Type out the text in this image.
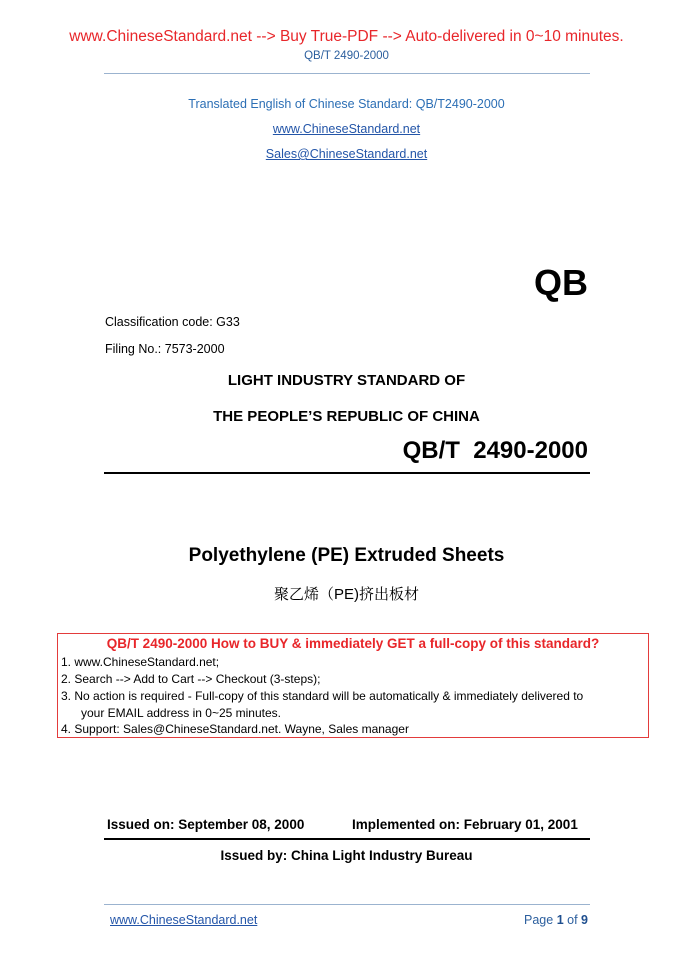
www.ChineseStandard.net --> Buy True-PDF --> Auto-delivered in 0~10 minutes.
QB/T 2490-2000
Translated English of Chinese Standard: QB/T2490-2000
www.ChineseStandard.net
Sales@ChineseStandard.net
QB
Classification code: G33
Filing No.: 7573-2000
LIGHT INDUSTRY STANDARD OF
THE PEOPLE’S REPUBLIC OF CHINA
QB/T  2490-2000
Polyethylene (PE) Extruded Sheets
聚乙烯（PE)挤出板材
QB/T 2490-2000 How to BUY & immediately GET a full-copy of this standard?
1. www.ChineseStandard.net;
2. Search --> Add to Cart --> Checkout (3-steps);
3. No action is required - Full-copy of this standard will be automatically & immediately delivered to
your EMAIL address in 0~25 minutes.
4. Support: Sales@ChineseStandard.net. Wayne, Sales manager
Issued on: September 08, 2000	Implemented on: February 01, 2001
Issued by: China Light Industry Bureau
www.ChineseStandard.net	Page 1 of 9
